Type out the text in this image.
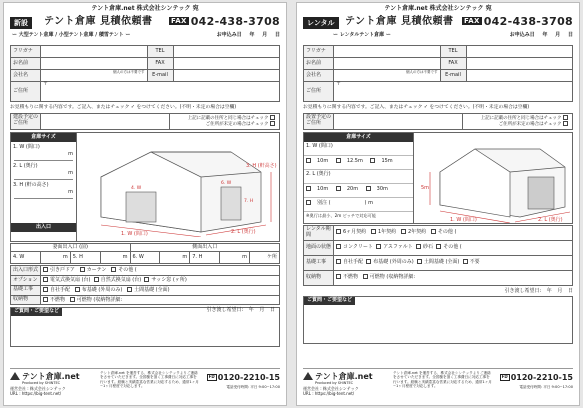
テント倉庫.net 株式会社シンテック 宛
新設	テント倉庫 見積依頼書
ー 大型テント倉庫 / 小型テント倉庫 / 積雪テント ー
FAX 042-438-3708
お申込み日 年 月 日
フリガナ		TEL	
お名前		FAX	
会社名	個人の方は不要です	E-mail	
ご住所	〒		
お見積もりに関する内容です。ご記入、またはチェック ✓ をつけてください。(不明・未定の場合は空欄)
建設予定の ご住所		
上記に記載の住所と同じ場合はチェック
ご住所が未定の場合はチェック
倉庫サイズ
1. W (間口)
m
2. L (奥行)
m
3. H (軒の高さ)
m
出入口
1. W (間口)	2. L (奥行)
3. H (軒高さ)
4. W
6. W
7. H
妻面出入口 (前)				側面出入口				
4. W	m	5. H	m	6. W	m	7. H	m	ケ所
出入口形式	引き戸ドア カーテン その他 (
オプション	電気式換気扇 (台) 自然式換気扇 (台) サッシ窓 (ヶ所)
基礎工事	自社手配 布基礎 (外周のみ) 土間基礎 (全面)
収納物	不燃物 可燃物 (収納物詳細:
ご質問・ご要望など	引き渡し希望日: 年 月 日
テント倉庫.net
Produced by SHINTEC
運営会社 : 株式会社シンテック
URL : https://big-tent.net/
テント倉庫.net を運営する、株式会社シンテックよりご連絡をさせていただきます。全国様を頂く工事費日に対応工事を行います。経験と実績豊富な営業に対応するため、通常1ヶ月~1ヶ月程度で対応します。
FD 0120-2210-15
電話受付時間: 平日 9:00~17:00
テント倉庫.net 株式会社シンテック 宛
レンタル	テント倉庫 見積依頼書
ー レンタルテント倉庫 ー
FAX 042-438-3708
お申込み日 年 月 日
フリガナ		TEL	
お名前		FAX	
会社名	個人の方は不要です	E-mail	
ご住所	〒		
お見積もりに関する内容です。ご記入、またはチェック ✓ をつけてください。(不明・未定の場合は空欄)
設置予定の ご住所		
上記に記載の住所と同じ場合はチェック
ご住所が未定の場合はチェック
倉庫サイズ
1. W (間口)
10m	12.5m	15m
2. L (奥行)
10m	20m	30m
別注 (	) m
※奥行は最小、2m ピッチで対応可能
5m
1. W (間口)	2. L (奥行)
レンタル期間	6ヶ月契約 1年契約 2年契約 その他 (
地面の状態	コンクリート アスファルト 砂石 その他 (
基礎工事	自社手配 布基礎 (外周のみ) 土間基礎 (全面) 不要
収納物	不燃物 可燃物 (収納物詳細:
引き渡し希望日: 年 月 日
ご質問・ご要望など
テント倉庫.net
Produced by SHINTEC
運営会社 : 株式会社シンテック
URL : https://big-tent.net/
テント倉庫.net を運営する、株式会社シンテックよりご連絡をさせていただきます。全国様を頂く工事費日に対応工事を行います。経験と実績豊富な営業に対応するため、通常1ヶ月~1ヶ月程度で対応します。
FD 0120-2210-15
電話受付時間: 平日 9:00~17:00
